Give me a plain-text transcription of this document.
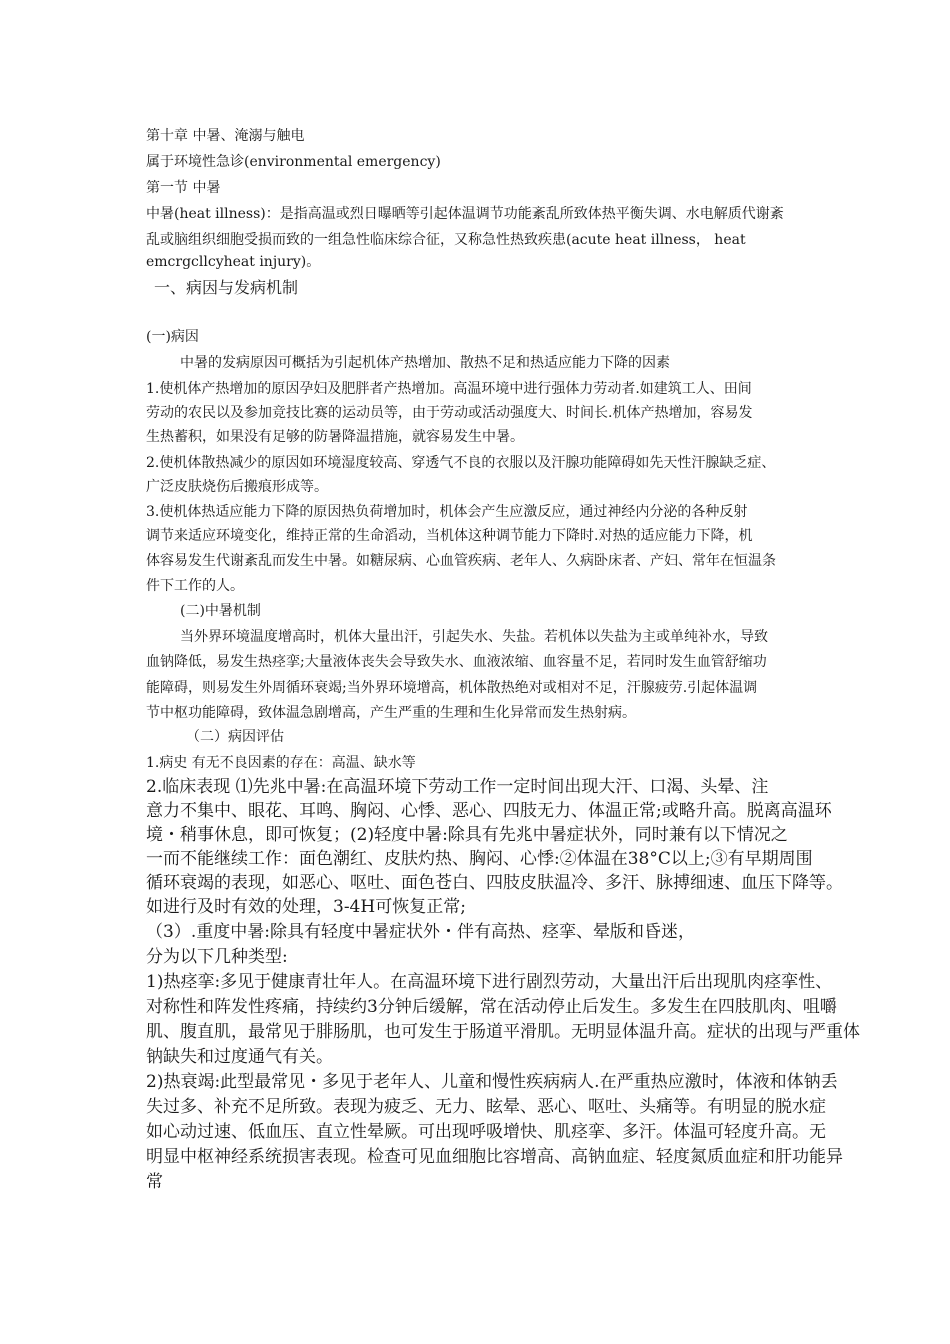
第十章 中暑、淹溺与触电

属于环境性急诊(environmental emergency)

第一节 中暑

中暑(heat illness)：是指高温或烈日曝晒等引起体温调节功能紊乱所致体热平衡失调、水电解质代谢紊

乱或脑组织细胞受损而致的一组急性临床综合征，又称急性热致疾患(acute heat illness， heat

emcrgcllcyheat injury)。

一、病因与发病机制

(一)病因

中暑的发病原因可概括为引起机体产热增加、散热不足和热适应能力下降的因素

1.使机体产热增加的原因孕妇及肥胖者产热增加。高温环境中进行强体力劳动者.如建筑工人、田间

劳动的农民以及参加竞技比赛的运动员等，由于劳动或活动强度大、时间长.机体产热增加，容易发

生热蓄积，如果没有足够的防暑降温措施，就容易发生中暑。

2.使机体散热减少的原因如环境湿度较高、穿透气不良的衣服以及汗腺功能障碍如先天性汗腺缺乏症、

广泛皮肤烧伤后搬痕形成等。

3.使机体热适应能力下降的原因热负荷增加时，机体会产生应激反应，通过神经内分泌的各种反射

调节来适应环境变化，维持正常的生命滔动，当机体这种调节能力下降时.对热的适应能力下降，机

体容易发生代谢紊乱而发生中暑。如糖尿病、心血管疾病、老年人、久病卧床者、产妇、常年在恒温条

件下工作的人。

(二)中暑机制

当外界环境温度增高时，机体大量出汗，引起失水、失盐。若机体以失盐为主或单纯补水，导致

血钠降低，易发生热痉挛;大量液体丧失会导致失水、血液浓缩、血容量不足，若同时发生血管舒缩功

能障碍，则易发生外周循环衰竭;当外界环境增高，机体散热绝对或相对不足，汗腺疲劳.引起体温调

节中枢功能障碍，致体温急剧增高，产生严重的生理和生化异常而发生热射病。

（二）病因评估

1.病史 有无不良因素的存在：高温、缺水等

2.临床表现 ⑴先兆中暑:在高温环境下劳动工作一定时间出现大汗、口渴、头晕、注

意力不集中、眼花、耳鸣、胸闷、心悸、恶心、四肢无力、体温正常;或略升高。脱离高温环

境・稍事休息，即可恢复；(2)轻度中暑:除具有先兆中暑症状外，同时兼有以下情况之

一而不能继续工作：面色潮红、皮肤灼热、胸闷、心悸:②体温在38°C以上;③有早期周围

循环衰竭的表现，如恶心、呕吐、面色苍白、四肢皮肤温冷、多汗、脉搏细速、血压下降等。

如进行及时有效的处理，3-4H可恢复正常;

（3）.重度中暑:除具有轻度中暑症状外・伴有高热、痉挛、晕版和昏迷，

分为以下几种类型:

1)热痉挛:多见于健康青壮年人。在高温环境下进行剧烈劳动，大量出汗后出现肌肉痉挛性、

对称性和阵发性疼痛，持续约3分钟后缓解，常在活动停止后发生。多发生在四肢肌肉、咀嚼

肌、腹直肌，最常见于腓肠肌，也可发生于肠道平滑肌。无明显体温升高。症状的出现与严重体

钠缺失和过度通气有关。

2)热衰竭:此型最常见・多见于老年人、儿童和慢性疾病病人.在严重热应激时，体液和体钠丢

失过多、补充不足所致。表现为疲乏、无力、眩晕、恶心、呕吐、头痛等。有明显的脱水症

如心动过速、低血压、直立性晕厥。可出现呼吸增快、肌痉挛、多汗。体温可轻度升高。无

明显中枢神经系统损害表现。检查可见血细胞比容增高、高钠血症、轻度氮质血症和肝功能异

常
